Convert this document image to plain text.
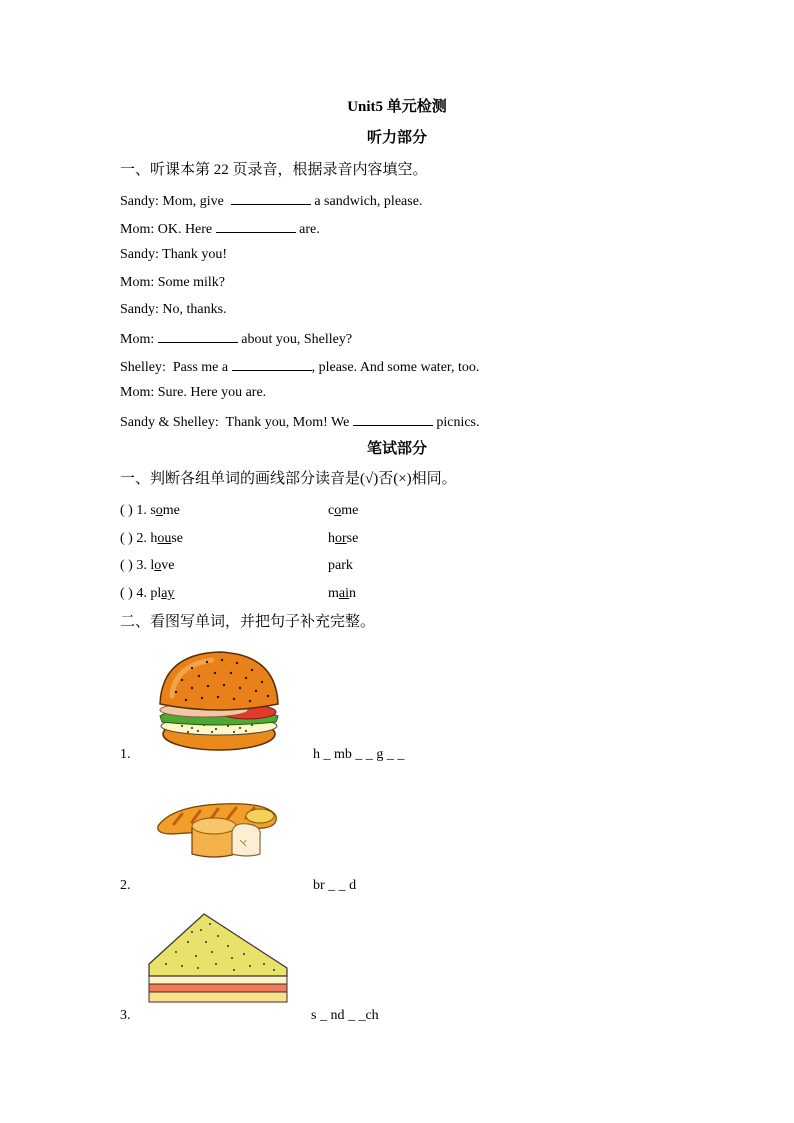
Unit5 单元检测
听力部分
一、听课本第 22 页录音，根据录音内容填空。
Sandy: Mom, give	a sandwich, please.
Mom: OK. Here	are.
Sandy: Thank you!
Mom: Some milk?
Sandy: No, thanks.
Mom:	about you, Shelley?
Shelley:  Pass me a	, please. And some water, too.
Mom: Sure. Here you are.
Sandy & Shelley:  Thank you, Mom! We	picnics.
笔试部分
一、判断各组单词的画线部分读音是(√)否(×)相同。
( ) 1. some	come
( ) 2. house	horse
( ) 3. love	park
( ) 4. play	main
二、看图写单词，并把句子补充完整。
1.	h _ mb _ _ g _ _
2.	br _ _ d
3.	s _ nd _ _ch
